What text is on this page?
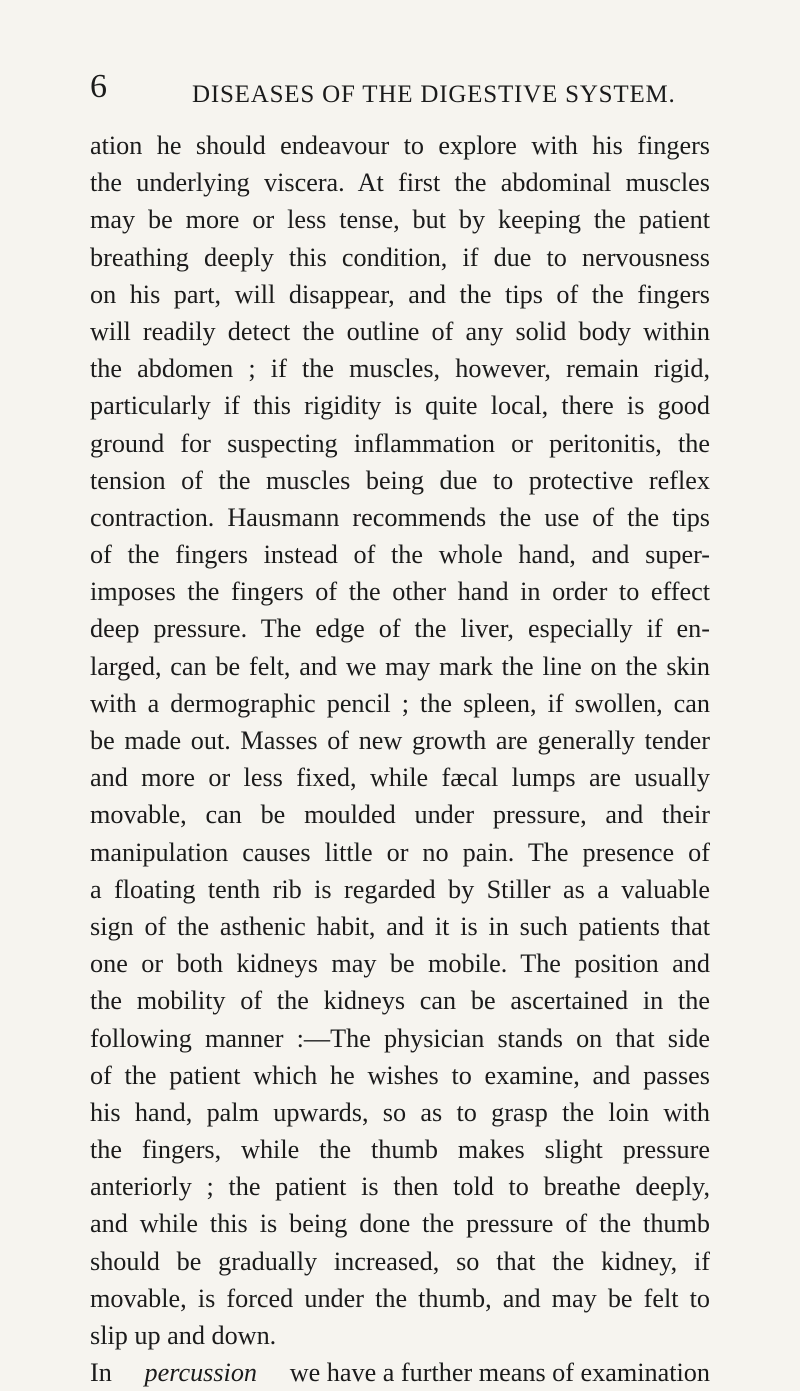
6	DISEASES OF THE DIGESTIVE SYSTEM.
ation he should endeavour to explore with his fingers
the underlying viscera. At first the abdominal muscles
may be more or less tense, but by keeping the patient
breathing deeply this condition, if due to nervousness
on his part, will disappear, and the tips of the fingers
will readily detect the outline of any solid body within
the abdomen ; if the muscles, however, remain rigid,
particularly if this rigidity is quite local, there is good
ground for suspecting inflammation or peritonitis, the
tension of the muscles being due to protective reflex
contraction. Hausmann recommends the use of the tips
of the fingers instead of the whole hand, and super-
imposes the fingers of the other hand in order to effect
deep pressure. The edge of the liver, especially if en-
larged, can be felt, and we may mark the line on the skin
with a dermographic pencil ; the spleen, if swollen, can
be made out. Masses of new growth are generally tender
and more or less fixed, while fæcal lumps are usually
movable, can be moulded under pressure, and their
manipulation causes little or no pain. The presence of
a floating tenth rib is regarded by Stiller as a valuable
sign of the asthenic habit, and it is in such patients that
one or both kidneys may be mobile. The position and
the mobility of the kidneys can be ascertained in the
following manner :—The physician stands on that side
of the patient which he wishes to examine, and passes
his hand, palm upwards, so as to grasp the loin with
the fingers, while the thumb makes slight pressure
anteriorly ; the patient is then told to breathe deeply,
and while this is being done the pressure of the thumb
should be gradually increased, so that the kidney, if
movable, is forced under the thumb, and may be felt to
slip up and down.
In percussion we have a further means of examination
